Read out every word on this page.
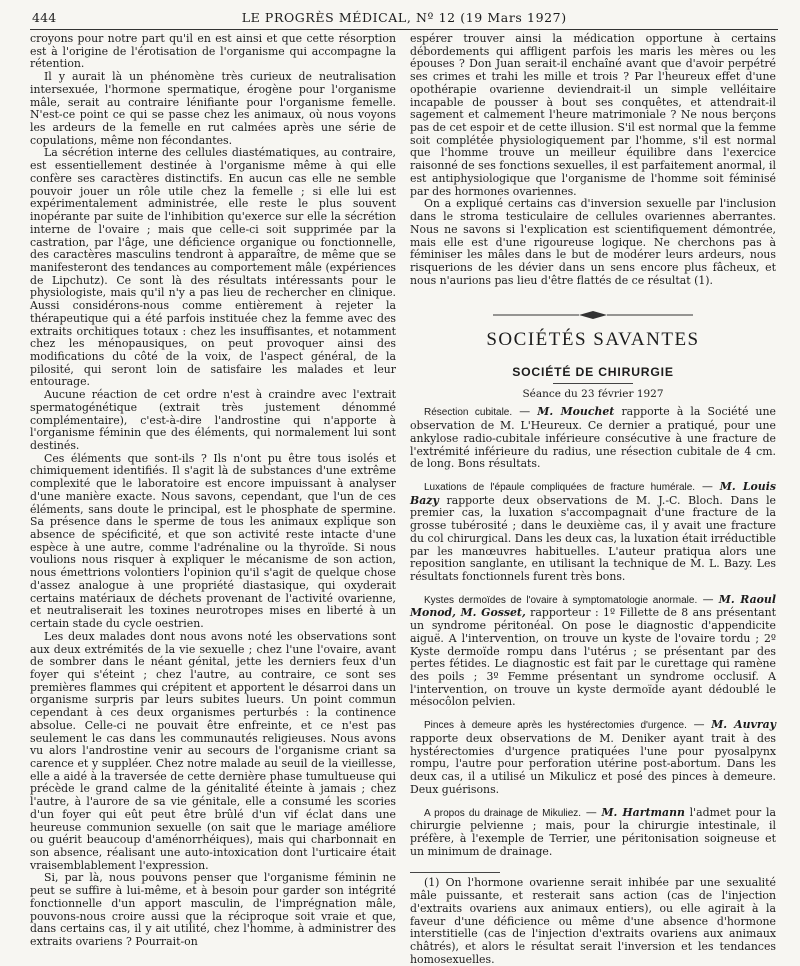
444	LE PROGRÈS MÉDICAL, Nº 12 (19 Mars 1927)

croyons pour notre part qu'il en est ainsi et que cette résorption est à l'origine de l'érotisation de l'organisme qui accompagne la rétention.

Il y aurait là un phénomène très curieux de neutralisation intersexuée, l'hormone spermatique, érogène pour l'organisme mâle, serait au contraire lénifiante pour l'organisme femelle. N'est-ce point ce qui se passe chez les animaux, où nous voyons les ardeurs de la femelle en rut calmées après une série de copulations, même non fécondantes.

La sécrétion interne des cellules diastématiques, au contraire, est essentiellement destinée à l'organisme même à qui elle confère ses caractères distinctifs. En aucun cas elle ne semble pouvoir jouer un rôle utile chez la femelle ; si elle lui est expérimentalement administrée, elle reste le plus souvent inopérante par suite de l'inhibition qu'exerce sur elle la sécrétion interne de l'ovaire ; mais que celle-ci soit supprimée par la castration, par l'âge, une déficience organique ou fonctionnelle, des caractères masculins tendront à apparaître, de même que se manifesteront des tendances au comportement mâle (expériences de Lipchutz). Ce sont là des résultats intéressants pour le physiologiste, mais qu'il n'y a pas lieu de rechercher en clinique. Aussi considérons-nous comme entièrement à rejeter la thérapeutique qui a été parfois instituée chez la femme avec des extraits orchitiques totaux : chez les insuffisantes, et notamment chez les ménopausiques, on peut provoquer ainsi des modifications du côté de la voix, de l'aspect général, de la pilosité, qui seront loin de satisfaire les malades et leur entourage.

Aucune réaction de cet ordre n'est à craindre avec l'extrait spermatogénétique (extrait très justement dénommé complémentaire), c'est-à-dire l'androstine qui n'apporte à l'organisme féminin que des éléments, qui normalement lui sont destinés.

Ces éléments que sont-ils ? Ils n'ont pu être tous isolés et chimiquement identifiés. Il s'agit là de substances d'une extrême complexité que le laboratoire est encore impuissant à analyser d'une manière exacte. Nous savons, cependant, que l'un de ces éléments, sans doute le principal, est le phosphate de spermine. Sa présence dans le sperme de tous les animaux explique son absence de spécificité, et que son activité reste intacte d'une espèce à une autre, comme l'adrénaline ou la thyroïde. Si nous voulions nous risquer à expliquer le mécanisme de son action, nous émettrions volontiers l'opinion qu'il s'agit de quelque chose d'assez analogue à une propriété diastasique, qui oxyderait certains matériaux de déchets provenant de l'activité ovarienne, et neutraliserait les toxines neurotropes mises en liberté à un certain stade du cycle oestrien.

Les deux malades dont nous avons noté les observations sont aux deux extrémités de la vie sexuelle ; chez l'une l'ovaire, avant de sombrer dans le néant génital, jette les derniers feux d'un foyer qui s'éteint ; chez l'autre, au contraire, ce sont ses premières flammes qui crépitent et apportent le désarroi dans un organisme surpris par leurs subites lueurs. Un point commun cependant à ces deux organismes perturbés : la continence absolue. Celle-ci ne pouvait être enfreinte, et ce n'est pas seulement le cas dans les communautés religieuses. Nous avons vu alors l'androstine venir au secours de l'organisme criant sa carence et y suppléer. Chez notre malade au seuil de la vieillesse, elle a aidé à la traversée de cette dernière phase tumultueuse qui précède le grand calme de la génitalité éteinte à jamais ; chez l'autre, à l'aurore de sa vie génitale, elle a consumé les scories d'un foyer qui eût peut être brûlé d'un vif éclat dans une heureuse communion sexuelle (on sait que le mariage améliore ou guérit beaucoup d'aménorrhéiques), mais qui charbonnait en son absence, réalisant une auto-intoxication dont l'urticaire était vraisemblablement l'expression.

Si, par là, nous pouvons penser que l'organisme féminin ne peut se suffire à lui-même, et à besoin pour garder son intégrité fonctionnelle d'un apport masculin, de l'imprégnation mâle, pouvons-nous croire aussi que la réciproque soit vraie et que, dans certains cas, il y ait utilité, chez l'homme, à administrer des extraits ovariens ? Pourrait-on

espérer trouver ainsi la médication opportune à certains débordements qui affligent parfois les maris les mères ou les épouses ? Don Juan serait-il enchaîné avant que d'avoir perpétré ses crimes et trahi les mille et trois ? Par l'heureux effet d'une opothérapie ovarienne deviendrait-il un simple velléitaire incapable de pousser à bout ses conquêtes, et attendrait-il sagement et calmement l'heure matrimoniale ? Ne nous berçons pas de cet espoir et de cette illusion. S'il est normal que la femme soit complétée physiologiquement par l'homme, s'il est normal que l'homme trouve un meilleur équilibre dans l'exercice raisonné de ses fonctions sexuelles, il est parfaitement anormal, il est antiphysiologique que l'organisme de l'homme soit féminisé par des hormones ovariennes.

On a expliqué certains cas d'inversion sexuelle par l'inclusion dans le stroma testiculaire de cellules ovariennes aberrantes. Nous ne savons si l'explication est scientifiquement démontrée, mais elle est d'une rigoureuse logique. Ne cherchons pas à féminiser les mâles dans le but de modérer leurs ardeurs, nous risquerions de les dévier dans un sens encore plus fâcheux, et nous n'aurions pas lieu d'être flattés de ce résultat (1).

SOCIÉTÉS SAVANTES
SOCIÉTÉ DE CHIRURGIE
Séance du 23 février 1927

Résection cubitale. — M. Mouchet rapporte à la Société une observation de M. L'Heureux. Ce dernier a pratiqué, pour une ankylose radio-cubitale inférieure consécutive à une fracture de l'extrémité inférieure du radius, une résection cubitale de 4 cm. de long. Bons résultats.

Luxations de l'épaule compliquées de fracture humérale. — M. Louis Bazy rapporte deux observations de M. J.-C. Bloch. Dans le premier cas, la luxation s'accompagnait d'une fracture de la grosse tubérosité ; dans le deuxième cas, il y avait une fracture du col chirurgical. Dans les deux cas, la luxation était irréductible par les manœuvres habituelles. L'auteur pratiqua alors une reposition sanglante, en utilisant la technique de M. L. Bazy. Les résultats fonctionnels furent très bons.

Kystes dermoïdes de l'ovaire à symptomatologie anormale. — M. Raoul Monod, M. Gosset, rapporteur : 1º Fillette de 8 ans présentant un syndrome péritonéal. On pose le diagnostic d'appendicite aiguë. A l'intervention, on trouve un kyste de l'ovaire tordu ; 2º Kyste dermoïde rompu dans l'utérus ; se présentant par des pertes fétides. Le diagnostic est fait par le curettage qui ramène des poils ; 3º Femme présentant un syndrome occlusif. A l'intervention, on trouve un kyste dermoïde ayant dédoublé le mésocôlon pelvien.

Pinces à demeure après les hystérectomies d'urgence. — M. Auvray rapporte deux observations de M. Deniker ayant trait à des hystérectomies d'urgence pratiquées l'une pour pyosalpynx rompu, l'autre pour perforation utérine post-abortum. Dans les deux cas, il a utilisé un Mikulicz et posé des pinces à demeure. Deux guérisons.

A propos du drainage de Mikuliez. — M. Hartmann l'admet pour la chirurgie pelvienne ; mais, pour la chirurgie intestinale, il préfère, à l'exemple de Terrier, une péritonisation soigneuse et un minimum de drainage.

(1) On l'hormone ovarienne serait inhibée par une sexualité mâle puissante, et resterait sans action (cas de l'injection d'extraits ovariens aux animaux entiers), ou elle agirait à la faveur d'une déficience ou même d'une absence d'hormone interstitielle (cas de l'injection d'extraits ovariens aux animaux châtrés), et alors le résultat serait l'inversion et les tendances homosexuelles.
